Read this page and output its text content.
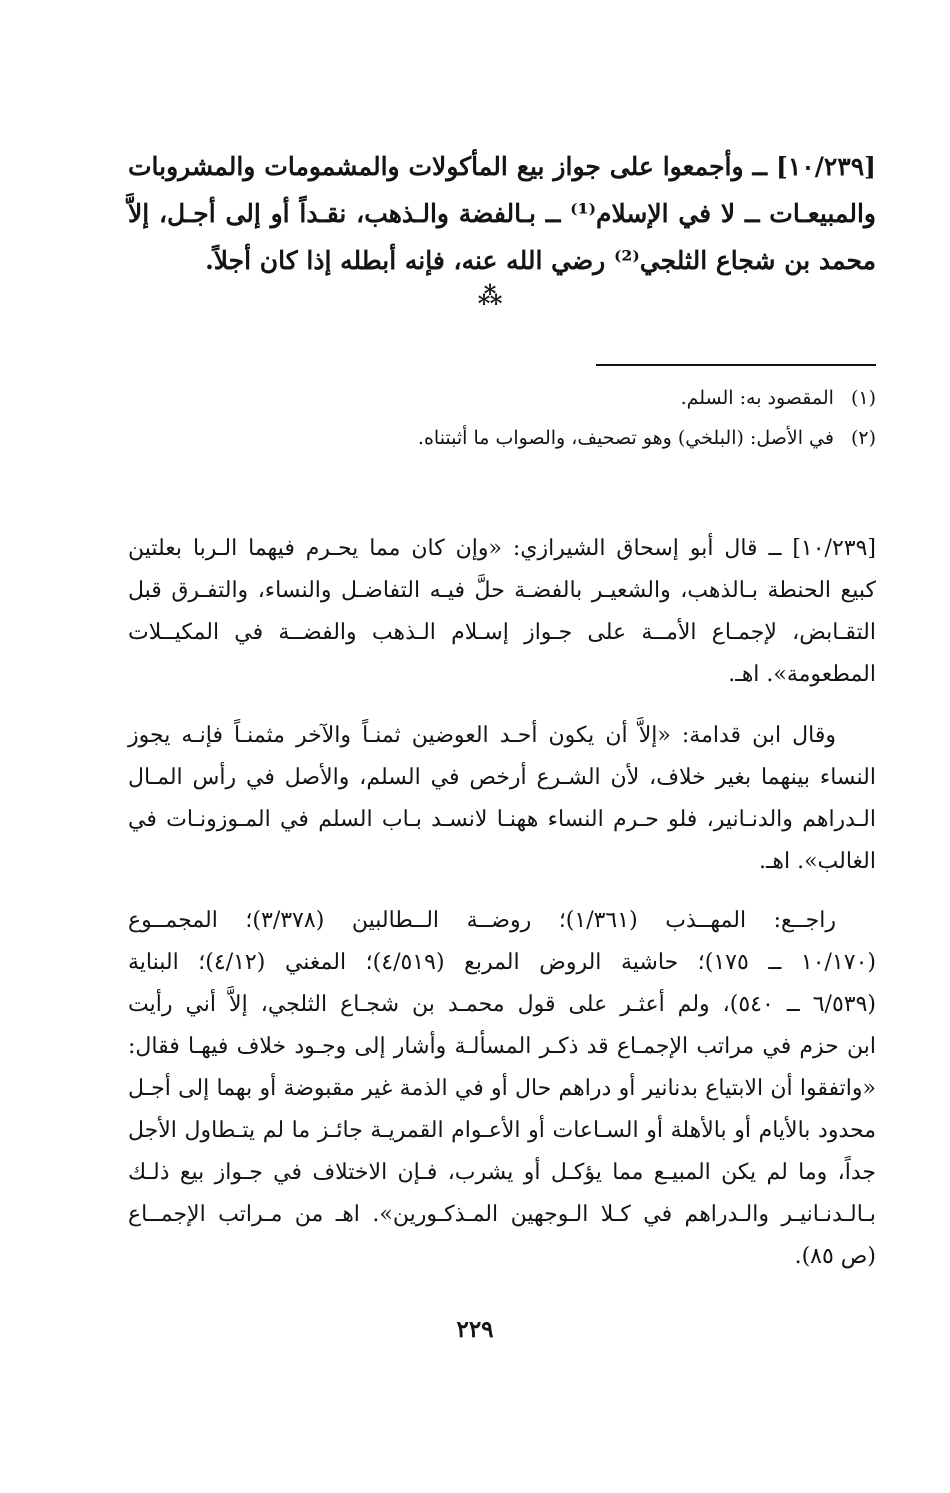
[١٠/٢٣٩] ــ وأجمعوا على جواز بيع المأكولات والمشمومات والمشروبات
والمبيعـات ــ لا في الإسلام⁽¹⁾ ــ بـالفضة والـذهب، نقـداً أو إلى أجـل، إلاَّ
محمد بن شجاع الثلجي⁽²⁾ رضي الله عنه، فإنه أبطله إذا كان أجلاً.
⁂
(١) المقصود به: السلم.
(٢) في الأصل: (البلخي) وهو تصحيف، والصواب ما أثبتناه.
[١٠/٢٣٩] ــ قال أبو إسحاق الشيرازي: «وإن كان مما يحـرم فيهما الـربا بعلتين
كبيع الحنطة بـالذهب، والشعيـر بالفضـة حلَّ فيـه التفاضـل والنساء، والتفـرق قبل
التقـابض، لإجمـاع الأمــة على جـواز إسـلام الـذهب والفضــة في المكيــلات
المطعومة». اهـ.
وقال ابن قدامة: «إلاَّ أن يكون أحـد العوضين ثمنـاً والآخر مثمنـاً فإنـه يجوز
النساء بينهما بغير خلاف، لأن الشـرع أرخص في السلم، والأصل في رأس المـال
الـدراهم والدنـانير، فلو حـرم النساء ههنـا لانسـد بـاب السلم في المـوزونـات في
الغالب». اهـ.
راجــع: المهــذب (١/٣٦١)؛ روضــة الــطالبين (٣/٣٧٨)؛ المجمــوع
(١٠/١٧٠ ــ ١٧٥)؛ حاشية الروض المربع (٤/٥١٩)؛ المغني (٤/١٢)؛ البناية
(٦/٥٣٩ ــ ٥٤٠)، ولم أعثـر على قول محمـد بن شجـاع الثلجي، إلاَّ أني رأيت
ابن حزم في مراتب الإجمـاع قد ذكـر المسألـة وأشار إلى وجـود خلاف فيهـا فقال:
«واتفقوا أن الابتياع بدنانير أو دراهم حال أو في الذمة غير مقبوضة أو بهما إلى أجـل
محدود بالأيام أو بالأهلة أو السـاعات أو الأعـوام القمريـة جائـز ما لم يتـطاول الأجل
جداً، وما لم يكن المبيـع مما يؤكـل أو يشرب، فـإن الاختلاف في جـواز بيع ذلـك
بـالـدنـانيـر والـدراهم في كـلا الـوجهين المـذكـورين». اهـ من مـراتب الإجمــاع
(ص ٨٥).
٢٢٩
